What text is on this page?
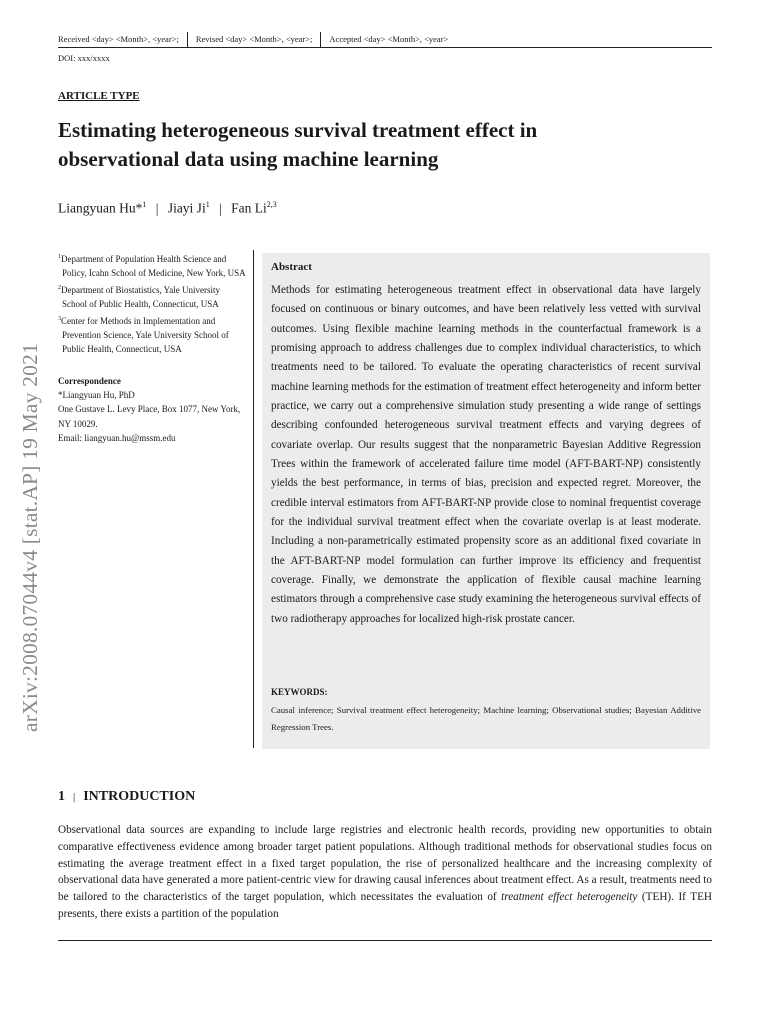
Received <day> <Month>, <year>; Revised <day> <Month>, <year>; Accepted <day> <Month>, <year>
DOI: xxx/xxxx
ARTICLE TYPE
Estimating heterogeneous survival treatment effect in
observational data using machine learning
Liangyuan Hu*$^1$ | Jiayi Ji$^1$ | Fan Li$^{2,3}$
arXiv:2008.07044v4 [stat.AP] 19 May 2021

$^1$Department of Population Health Science and Policy, Icahn School of Medicine, New York, USA

$^2$Department of Biostatistics, Yale University School of Public Health, Connecticut, USA

$^3$Center for Methods in Implementation and Prevention Science, Yale University School of Public Health, Connecticut, USA

Correspondence

*Liangyuan Hu, PhD

One Gustave L. Levy Place, Box 1077, New York, NY 10029.

Email: liangyuan.hu@mssm.edu

Abstract
Methods for estimating heterogeneous treatment effect in observational data have largely focused on continuous or binary outcomes, and have been relatively less vetted with survival outcomes. Using flexible machine learning methods in the counterfactual framework is a promising approach to address challenges due to complex individual characteristics, to which treatments need to be tailored. To evaluate the operating characteristics of recent survival machine learning methods for the estimation of treatment effect heterogeneity and inform better practice, we carry out a comprehensive simulation study presenting a wide range of settings describing confounded heterogeneous survival treatment effects and varying degrees of covariate overlap. Our results suggest that the nonparametric Bayesian Additive Regression Trees within the framework of accelerated failure time model (AFT-BART-NP) consistently yields the best performance, in terms of bias, precision and expected regret. Moreover, the credible interval estimators from AFT-BART-NP provide close to nominal frequentist coverage for the individual survival treatment effect when the covariate overlap is at least moderate. Including a non-parametrically estimated propensity score as an additional fixed covariate in the AFT-BART-NP model formulation can further improve its efficiency and frequentist coverage. Finally, we demonstrate the application of flexible causal machine learning estimators through a comprehensive case study examining the heterogeneous survival effects of two radiotherapy approaches for localized high-risk prostate cancer.
KEYWORDS:
Causal inference; Survival treatment effect heterogeneity; Machine learning; Observational studies; Bayesian Additive Regression Trees.
1 | INTRODUCTION
Observational data sources are expanding to include large registries and electronic health records, providing new opportunities to obtain comparative effectiveness evidence among broader target patient populations. Although traditional methods for observational studies focus on estimating the average treatment effect in a fixed target population, the rise of personalized healthcare and the increasing complexity of observational data have generated a more patient-centric view for drawing causal inferences about treatment effect. As a result, treatments need to be tailored to the characteristics of the target population, which necessitates the evaluation of treatment effect heterogeneity (TEH). If TEH presents, there exists a partition of the population
